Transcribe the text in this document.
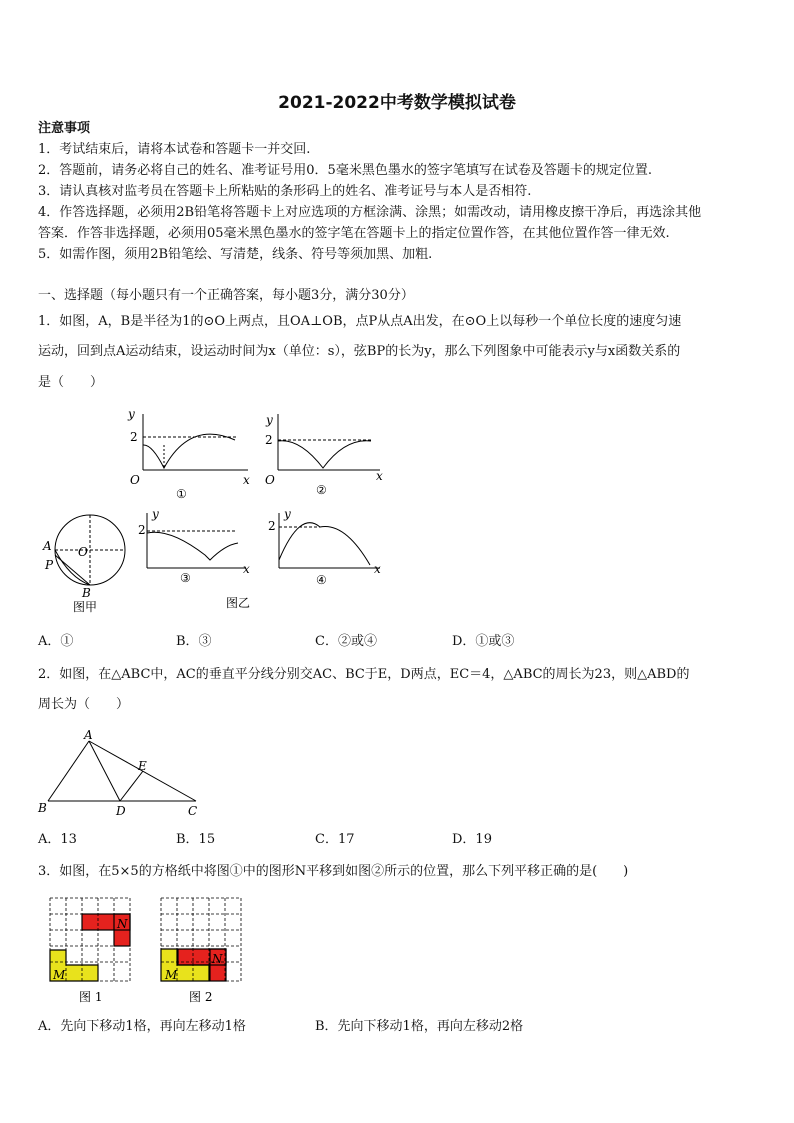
2021-2022中考数学模拟试卷
注意事项
1．考试结束后，请将本试卷和答题卡一并交回.
2．答题前，请务必将自己的姓名、准考证号用0．5毫米黑色墨水的签字笔填写在试卷及答题卡的规定位置.
3．请认真核对监考员在答题卡上所粘贴的条形码上的姓名、准考证号与本人是否相符.
4．作答选择题，必须用2B铅笔将答题卡上对应选项的方框涂满、涂黑；如需改动，请用橡皮擦干净后，再选涂其他
答案．作答非选择题，必须用05毫米黑色墨水的签字笔在答题卡上的指定位置作答，在其他位置作答一律无效.
5．如需作图，须用2B铅笔绘、写清楚，线条、符号等须加黑、加粗.
一、选择题（每小题只有一个正确答案，每小题3分，满分30分）
1．如图，A，B是半径为1的⊙O上两点，且OA⊥OB，点P从点A出发，在⊙O上以每秒一个单位长度的速度匀速
运动，回到点A运动结束，设运动时间为x（单位：s），弦BP的长为y，那么下列图象中可能表示y与x函数关系的
是（　　）
y
2
O	x
①
y
2
O	x
②
A O
P
B
图甲
y
2
x
③
y
2
x
④
图乙
A．①	B．③	C．②或④	D．①或③
2．如图，在△ABC中，AC的垂直平分线分别交AC、BC于E，D两点，EC＝4，△ABC的周长为23，则△ABD的
周长为（　　）
A
B	C
D
E
A．13	B．15	C．17	D．19
3．如图，在5×5的方格纸中将图①中的图形N平移到如图②所示的位置，那么下列平移正确的是(　　)
N
M
N
M
图 1	图 2
A．先向下移动1格，再向左移动1格	B．先向下移动1格，再向左移动2格
